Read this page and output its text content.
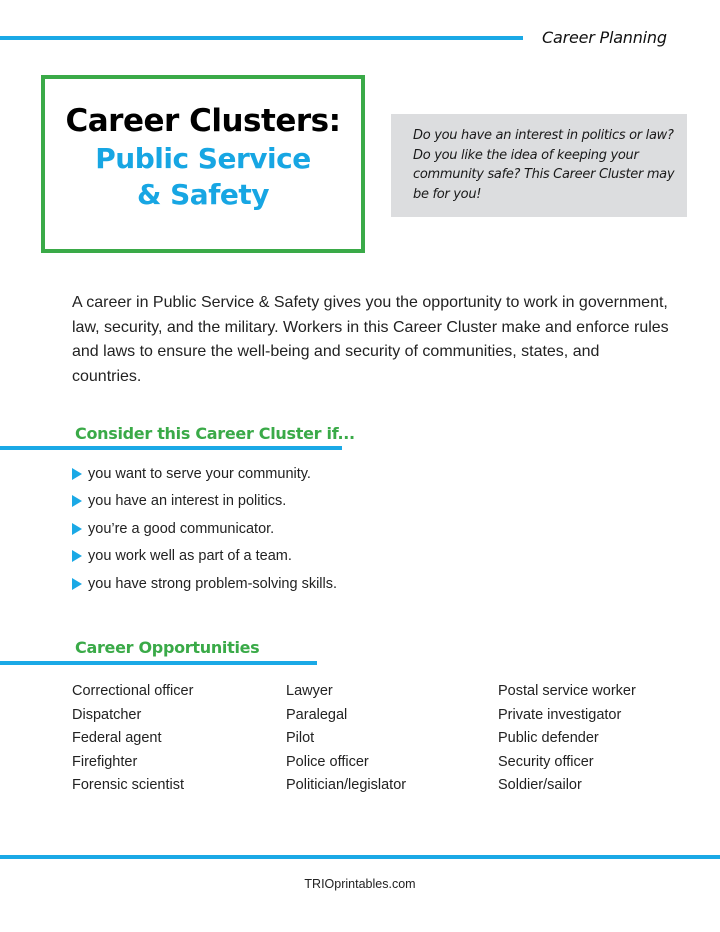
Career Planning
Career Clusters:
Public Service
& Safety
Do you have an interest in politics or law? Do you like the idea of keeping your community safe? This Career Cluster may be for you!
A career in Public Service & Safety gives you the opportunity to work in government, law, security, and the military. Workers in this Career Cluster make and enforce rules and laws to ensure the well-being and security of communities, states, and countries.
Consider this Career Cluster if...
you want to serve your community.
you have an interest in politics.
you’re a good communicator.
you work well as part of a team.
you have strong problem-solving skills.
Career Opportunities
Correctional officer
Dispatcher
Federal agent
Firefighter
Forensic scientist
Lawyer
Paralegal
Pilot
Police officer
Politician/legislator
Postal service worker
Private investigator
Public defender
Security officer
Soldier/sailor
TRIOprintables.com
